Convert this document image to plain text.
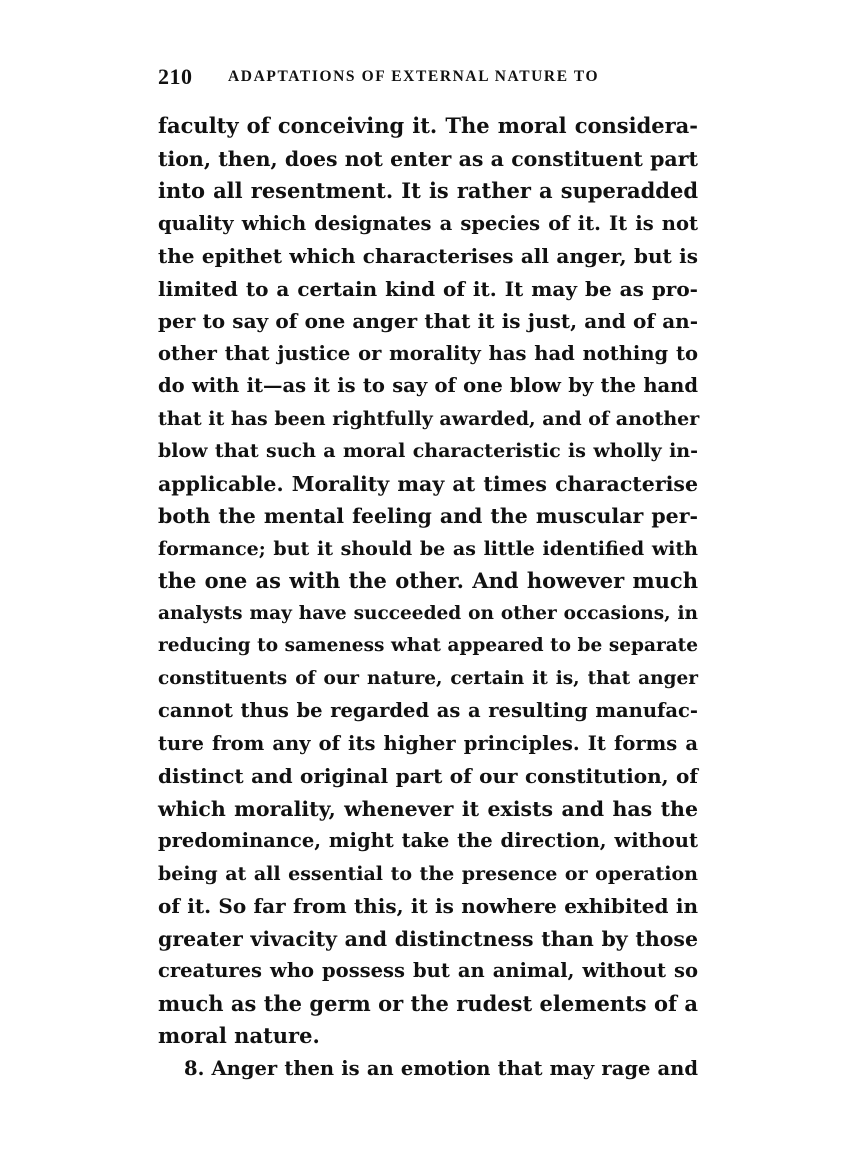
210 ADAPTATIONS OF EXTERNAL NATURE TO
faculty of conceiving it. The moral considera-
tion, then, does not enter as a constituent part
into all resentment. It is rather a superadded
quality which designates a species of it. It is not
the epithet which characterises all anger, but is
limited to a certain kind of it. It may be as pro-
per to say of one anger that it is just, and of an-
other that justice or morality has had nothing to
do with it—as it is to say of one blow by the hand
that it has been rightfully awarded, and of another
blow that such a moral characteristic is wholly in-
applicable. Morality may at times characterise
both the mental feeling and the muscular per-
formance; but it should be as little identified with
the one as with the other. And however much
analysts may have succeeded on other occasions, in
reducing to sameness what appeared to be separate
constituents of our nature, certain it is, that anger
cannot thus be regarded as a resulting manufac-
ture from any of its higher principles. It forms a
distinct and original part of our constitution, of
which morality, whenever it exists and has the
predominance, might take the direction, without
being at all essential to the presence or operation
of it. So far from this, it is nowhere exhibited in
greater vivacity and distinctness than by those
creatures who possess but an animal, without so
much as the germ or the rudest elements of a
moral nature.
8. Anger then is an emotion that may rage and
